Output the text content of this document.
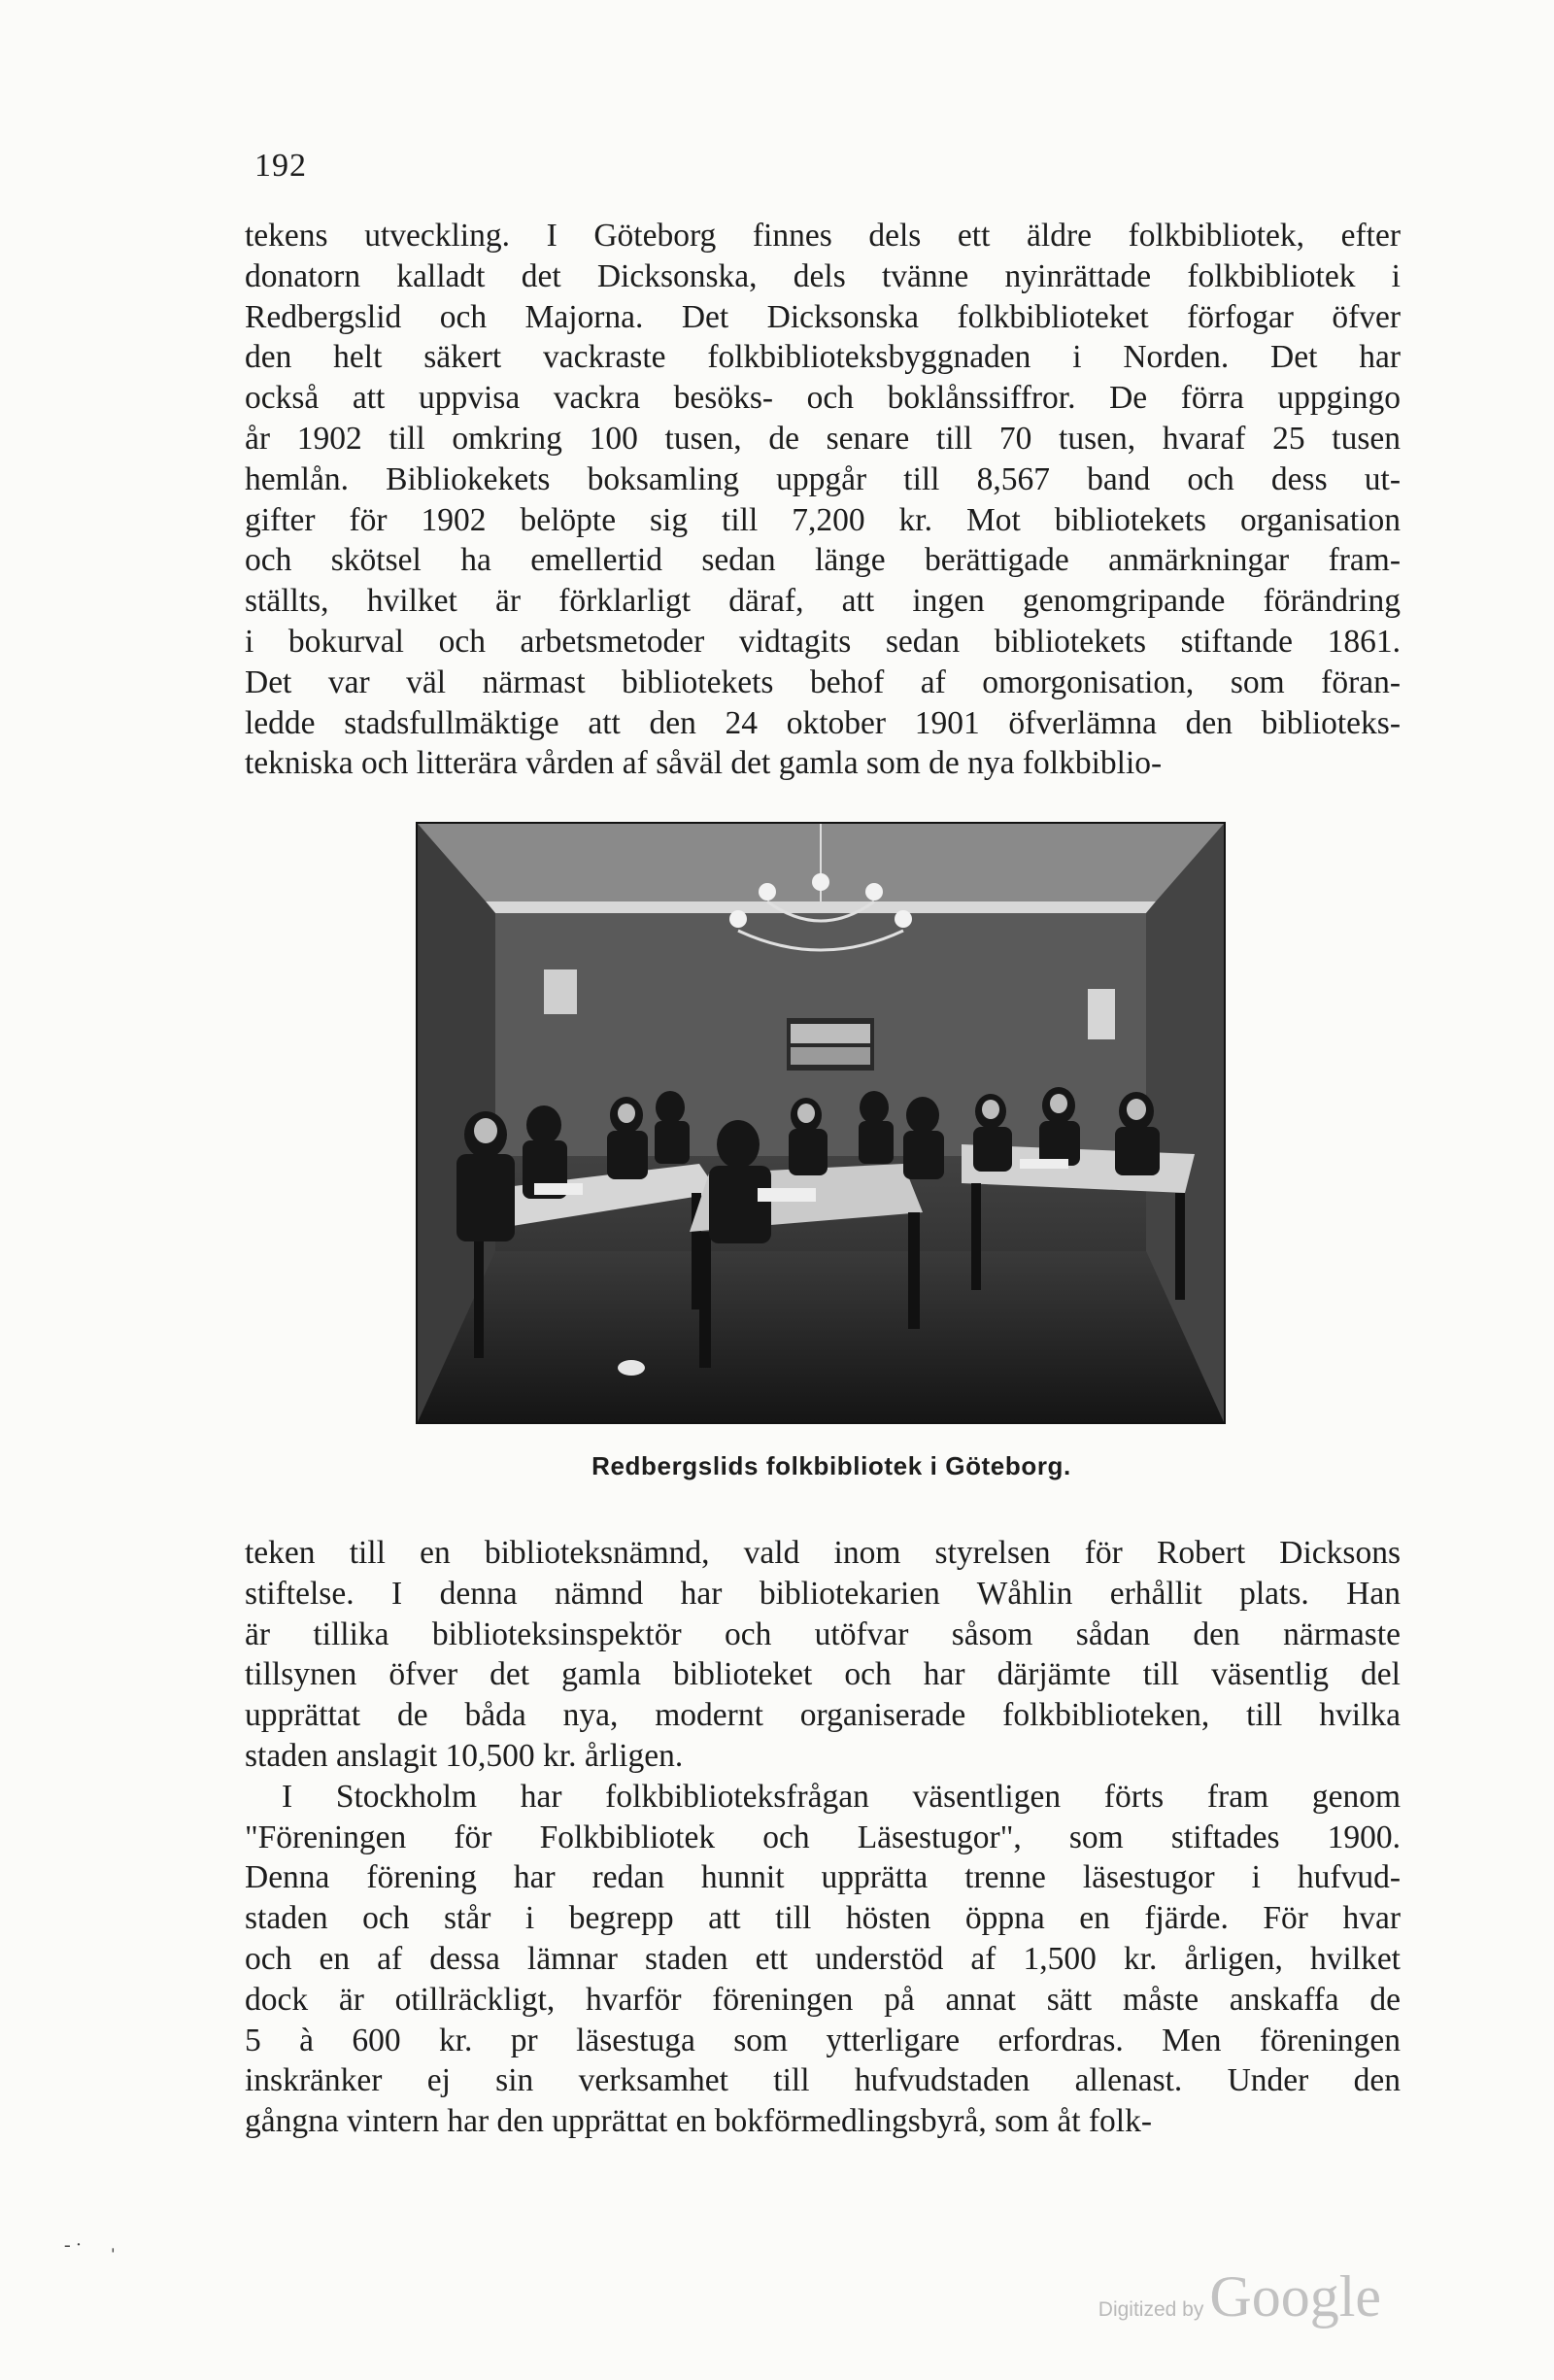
192
tekens utveckling. I Göteborg finnes dels ett äldre folkbibliotek, efter
donatorn kalladt det Dicksonska, dels tvänne nyinrättade folkbibliotek i
Redbergslid och Majorna. Det Dicksonska folkbiblioteket förfogar öfver
den helt säkert vackraste folkbiblioteksbyggnaden i Norden. Det har
också att uppvisa vackra besöks- och boklånssiffror. De förra uppgingo
år 1902 till omkring 100 tusen, de senare till 70 tusen, hvaraf 25 tusen
hemlån. Bibliokekets boksamling uppgår till 8,567 band och dess ut-
gifter för 1902 belöpte sig till 7,200 kr. Mot bibliotekets organisation
och skötsel ha emellertid sedan länge berättigade anmärkningar fram-
ställts, hvilket är förklarligt däraf, att ingen genomgripande förändring
i bokurval och arbetsmetoder vidtagits sedan bibliotekets stiftande 1861.
Det var väl närmast bibliotekets behof af omorgonisation, som föran-
ledde stadsfullmäktige att den 24 oktober 1901 öfverlämna den biblioteks-
tekniska och litterära vården af såväl det gamla som de nya folkbiblio-
Redbergslids folkbibliotek i Göteborg.
teken till en biblioteksnämnd, vald inom styrelsen för Robert Dicksons
stiftelse. I denna nämnd har bibliotekarien Wåhlin erhållit plats. Han
är tillika biblioteksinspektör och utöfvar såsom sådan den närmaste
tillsynen öfver det gamla biblioteket och har därjämte till väsentlig del
upprättat de båda nya, modernt organiserade folkbiblioteken, till hvilka
staden anslagit 10,500 kr. årligen.
I Stockholm har folkbiblioteksfrågan väsentligen förts fram genom
"Föreningen för Folkbibliotek och Läsestugor", som stiftades 1900.
Denna förening har redan hunnit upprätta trenne läsestugor i hufvud-
staden och står i begrepp att till hösten öppna en fjärde. För hvar
och en af dessa lämnar staden ett understöd af 1,500 kr. årligen, hvilket
dock är otillräckligt, hvarför föreningen på annat sätt måste anskaffa de
5 à 600 kr. pr läsestuga som ytterligare erfordras. Men föreningen
inskränker ej sin verksamhet till hufvudstaden allenast. Under den
gångna vintern har den upprättat en bokförmedlingsbyrå, som åt folk-
- · ˈ
Digitized by Google
